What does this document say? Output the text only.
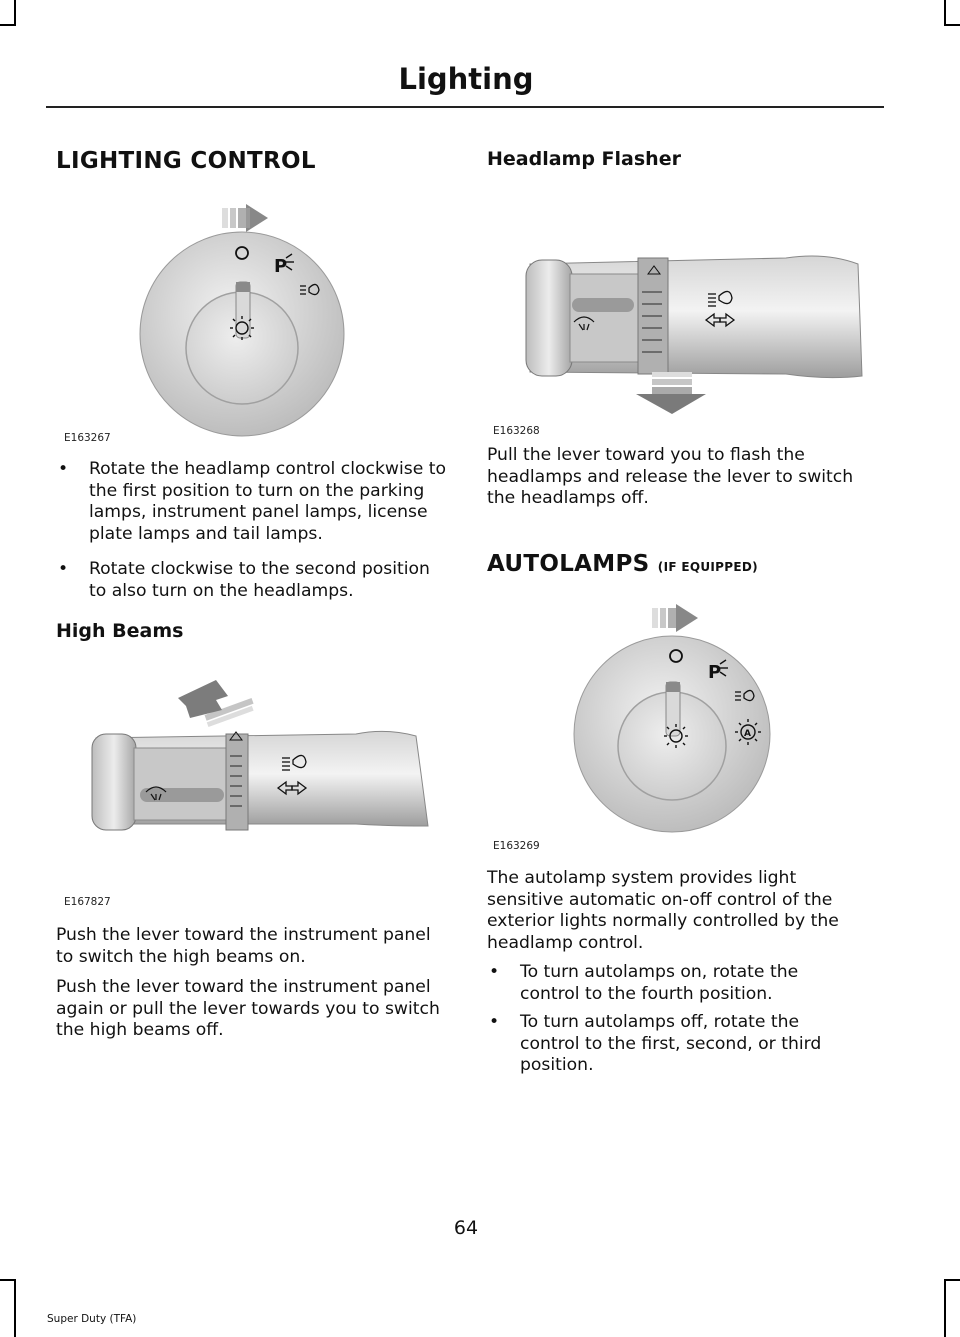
Lighting
LIGHTING CONTROL
P
E163267
• Rotate the headlamp control clockwise to the first position to turn on the parking lamps, instrument panel lamps, license plate lamps and tail lamps.
• Rotate clockwise to the second position to also turn on the headlamps.
High Beams
E167827
Push the lever toward the instrument panel to switch the high beams on.
Push the lever toward the instrument panel again or pull the lever towards you to switch the high beams off.
Headlamp Flasher
E163268
Pull the lever toward you to flash the headlamps and release the lever to switch the headlamps off.
AUTOLAMPS (IF EQUIPPED)
P
A
E163269
The autolamp system provides light sensitive automatic on-off control of the exterior lights normally controlled by the headlamp control.
• To turn autolamps on, rotate the control to the fourth position.
• To turn autolamps off, rotate the control to the first, second, or third position.
64
Super Duty (TFA)
